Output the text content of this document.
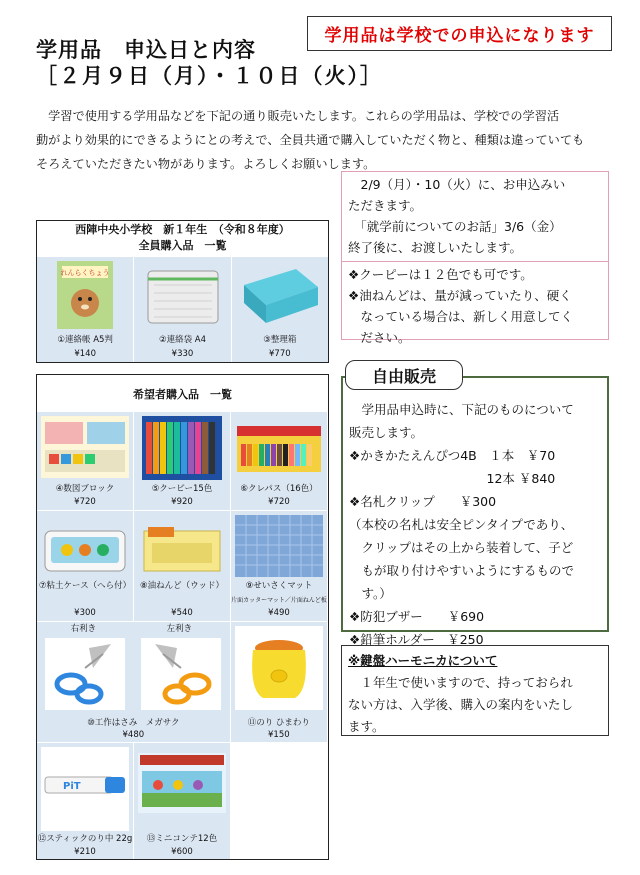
学用品　申込日と内容
［２月９日（月）・１０日（火）］
学用品は学校での申込になります
　学習で使用する学用品などを下記の通り販売いたします。これらの学用品は、学校での学習活
動がより効果的にできるようにとの考えで、全員共通で購入していただく物と、種類は違っていても
そろえていただきたい物があります。よろしくお願いします。
　2/9（月）・10（火）に、お申込みい
ただきます。
　「就学前についてのお話」3/6（金）
終了後に、お渡しいたします。
❖クーピーは１２色でも可です。
❖油ねんどは、量が減っていたり、硬く
　なっている場合は、新しく用意してく
　ださい。
西陣中央小学校　新１年生　（令和８年度）
全員購入品　一覧
れんらくちょう
①連絡帳 A5判
¥140
②連絡袋 A4
¥330
③整理箱
¥770
希望者購入品　一覧
④数図ブロック
¥720
⑤クーピー15色
¥920
⑥クレパス（16色）
¥720
⑦粘土ケース（へら付）
¥300
⑧油ねんど（ウッド）
¥540
⑨せいさくマット
片面カッターマット／片面ねんど板
¥490
右利き	左利き
⑩工作はさみ　メガサク
¥480
⑪のり ひまわり
¥150
PiT
⑫スティックのり中 22g
¥210
⑬ミニコンテ12色
¥600
　学用品申込時に、下記のものについて
販売します。
❖かきかたえんぴつ4B　１本　￥70
　　　　　　　　　　　12本 ￥840
❖名札クリップ　　￥300
（本校の名札は安全ピンタイプであり、
　クリップはその上から装着して、子ど
　もが取り付けやすいようにするもので
　す。）
❖防犯ブザー　　￥690
❖鉛筆ホルダー　￥250
自由販売
※鍵盤ハーモニカについて
　１年生で使いますので、持っておられ
ない方は、入学後、購入の案内をいたし
ます。
